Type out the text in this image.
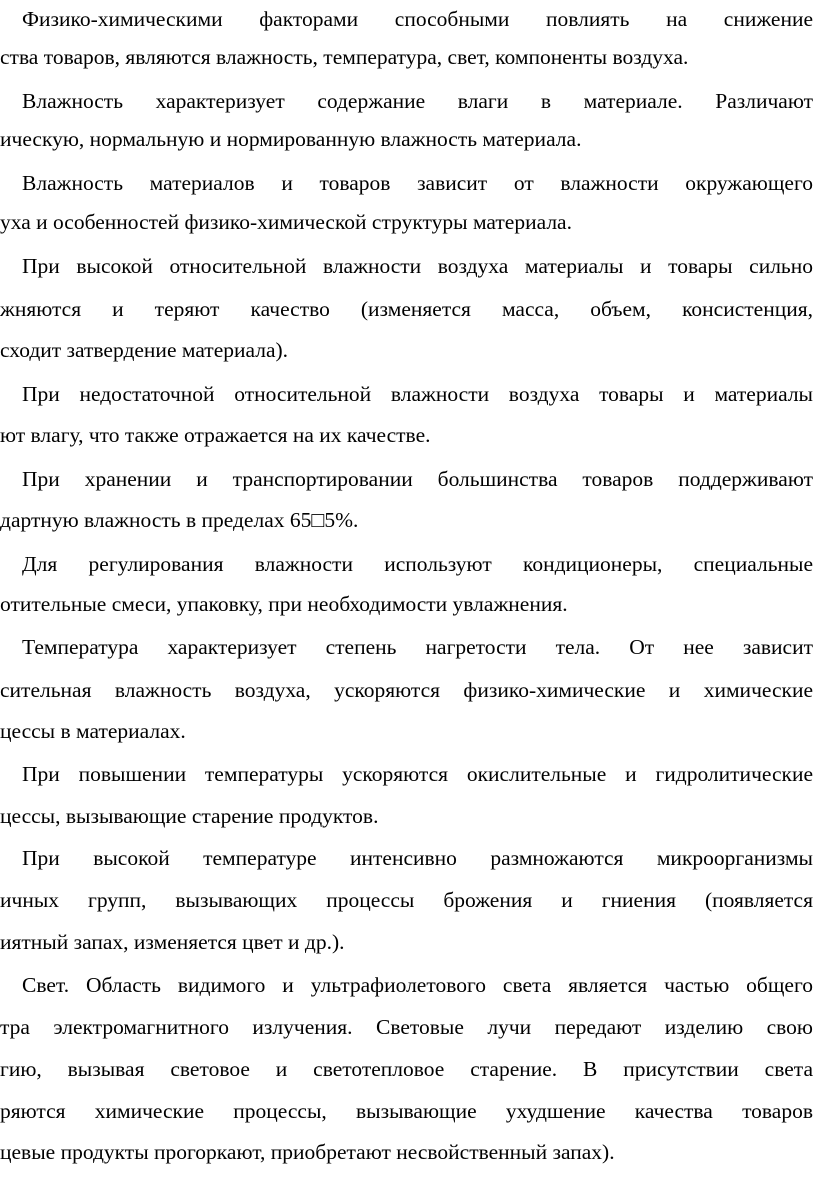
Физико-химическими факторами способными повлиять на снижение
ства товаров, являются влажность, температура, свет, компоненты воздуха.
Влажность характеризует содержание влаги в материале. Различают
ическую, нормальную и нормированную влажность материала.
Влажность материалов и товаров зависит от влажности окружающего
уха и особенностей физико-химической структуры материала.
При высокой относительной влажности воздуха материалы и товары сильно
жняются и теряют качество (изменяется масса, объем, консистенция,
сходит затвердение материала).
При недостаточной относительной влажности воздуха товары и материалы
ют влагу, что также отражается на их качестве.
При хранении и транспортировании большинства товаров поддерживают
дартную влажность в пределах 65□5%.
Для регулирования влажности используют кондиционеры, специальные
отительные смеси, упаковку, при необходимости увлажнения.
Температура характеризует степень нагретости тела. От нее зависит
сительная влажность воздуха, ускоряются физико-химические и химические
цессы в материалах.
При повышении температуры ускоряются окислительные и гидролитические
цессы, вызывающие старение продуктов.
При высокой температуре интенсивно размножаются микроорганизмы
ичных групп, вызывающих процессы брожения и гниения (появляется
иятный запах, изменяется цвет и др.).
Свет. Область видимого и ультрафиолетового света является частью общего
тра электромагнитного излучения. Световые лучи передают изделию свою
гию, вызывая световое и светотепловое старение. В присутствии света
ряются химические процессы, вызывающие ухудшение качества товаров
цевые продукты прогоркают, приобретают несвойственный запах).
